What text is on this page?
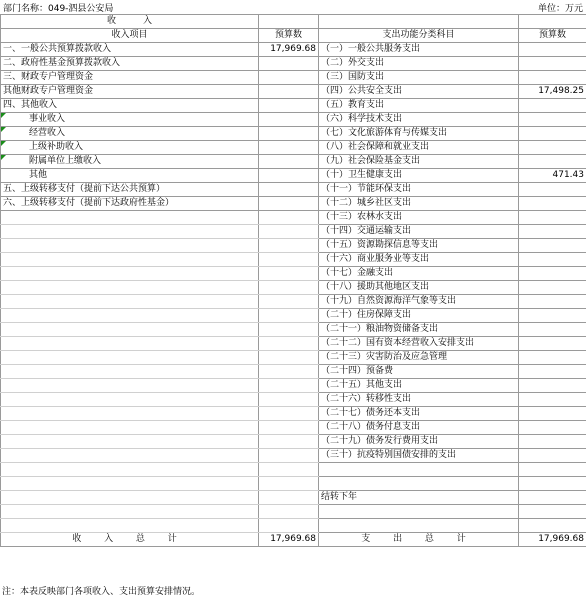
部门名称：049-泗县公安局	单位：万元
收　　　入			
收入项目	预算数	支出功能分类科目	预算数
一、一般公共预算拨款收入	17,969.68	（一）一般公共服务支出	
二、政府性基金预算拨款收入		（二）外交支出	
三、财政专户管理资金		（三）国防支出	
其他财政专户管理资金		（四）公共安全支出	17,498.25
四、其他收入		（五）教育支出	

事业收入		（六）科学技术支出	

经营收入		（七）文化旅游体育与传媒支出	

上级补助收入		（八）社会保障和就业支出	

附属单位上缴收入		（九）社会保险基金支出	
其他		（十）卫生健康支出	471.43
五、上级转移支付（提前下达公共预算）		（十一）节能环保支出	
六、上级转移支付（提前下达政府性基金）		（十二）城乡社区支出	
		（十三）农林水支出	
		（十四）交通运输支出	
		（十五）资源勘探信息等支出	
		（十六）商业服务业等支出	
		（十七）金融支出	
		（十八）援助其他地区支出	
		（十九）自然资源海洋气象等支出	
		（二十）住房保障支出	
		（二十一）粮油物资储备支出	
		（二十二）国有资本经营收入安排支出	
		（二十三）灾害防治及应急管理	
		（二十四）预备费	
		（二十五）其他支出	
		（二十六）转移性支出	
		（二十七）债务还本支出	
		（二十八）债务付息支出	
		（二十九）债务发行费用支出	
		（三十）抗疫特别国债安排的支出	

		结转下年	

收 入 总 计	17,969.68	支 出 总 计	17,969.68
注：本表反映部门各项收入、支出预算安排情况。
